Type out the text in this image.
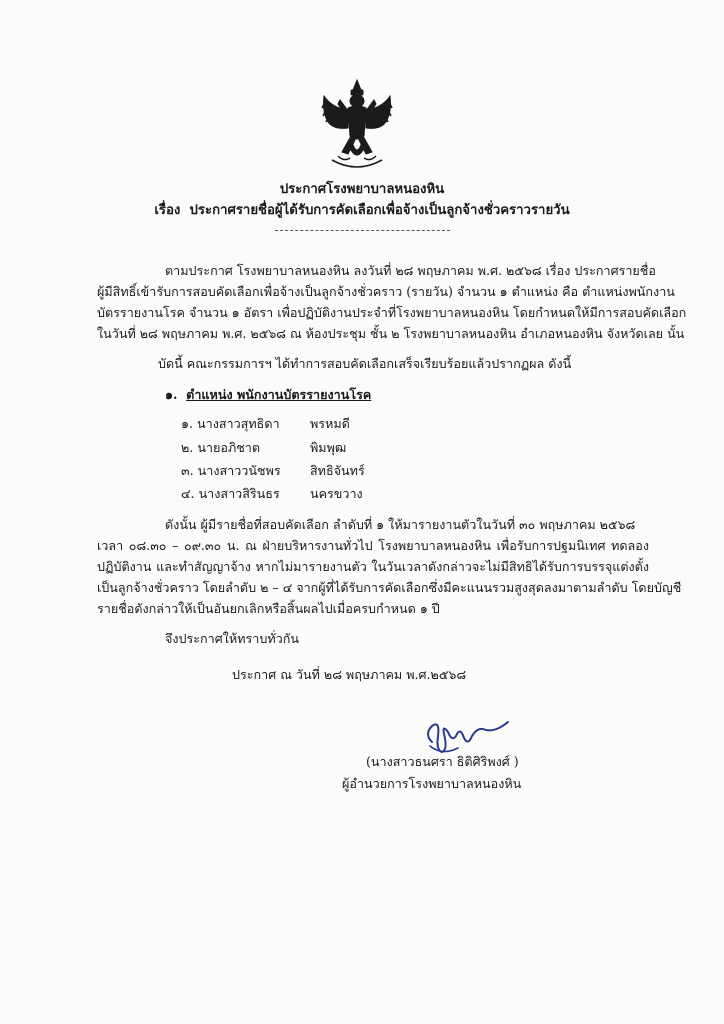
ประกาศโรงพยาบาลหนองหิน
เรื่อง ประกาศรายชื่อผู้ได้รับการคัดเลือกเพื่อจ้างเป็นลูกจ้างชั่วคราวรายวัน
ตามประกาศ โรงพยาบาลหนองหิน ลงวันที่ ๒๘ พฤษภาคม พ.ศ. ๒๕๖๘ เรื่อง ประกาศรายชื่อ
ผู้มีสิทธิ์เข้ารับการสอบคัดเลือกเพื่อจ้างเป็นลูกจ้างชั่วคราว (รายวัน) จำนวน ๑ ตำแหน่ง คือ ตำแหน่งพนักงาน
บัตรรายงานโรค จำนวน ๑ อัตรา เพื่อปฏิบัติงานประจำที่โรงพยาบาลหนองหิน โดยกำหนดให้มีการสอบคัดเลือก
ในวันที่ ๒๘ พฤษภาคม พ.ศ. ๒๕๖๘ ณ ห้องประชุม ชั้น ๒ โรงพยาบาลหนองหิน อำเภอหนองหิน จังหวัดเลย นั้น
บัดนี้ คณะกรรมการฯ ได้ทำการสอบคัดเลือกเสร็จเรียบร้อยแล้วปรากฏผล ดังนี้
๑. ตำแหน่ง พนักงานบัตรรายงานโรค
๑. นางสาวสุทธิดา พรหมดี
๒. นายอภิชาต	พิมพุฒ
๓. นางสาววนัชพร สิทธิจันทร์
๔. นางสาวสิรินธร นครขวาง
ดังนั้น ผู้มีรายชื่อที่สอบคัดเลือก ลำดับที่ ๑ ให้มารายงานตัวในวันที่ ๓๐ พฤษภาคม ๒๕๖๘
เวลา ๐๘.๓๐ – ๐๙.๓๐ น. ณ ฝ่ายบริหารงานทั่วไป โรงพยาบาลหนองหิน เพื่อรับการปฐมนิเทศ ทดลอง
ปฏิบัติงาน และทำสัญญาจ้าง หากไม่มารายงานตัว ในวันเวลาดังกล่าวจะไม่มีสิทธิได้รับการบรรจุแต่งตั้ง
เป็นลูกจ้างชั่วคราว โดยลำดับ ๒ – ๔ จากผู้ที่ได้รับการคัดเลือกซึ่งมีคะแนนรวมสูงสุดลงมาตามลำดับ โดยบัญชี
รายชื่อดังกล่าวให้เป็นอันยกเลิกหรือสิ้นผลไปเมื่อครบกำหนด ๑ ปี
จึงประกาศให้ทราบทั่วกัน
ประกาศ ณ วันที่ ๒๘ พฤษภาคม พ.ศ.๒๕๖๘
(นางสาวธนศรา ธิติศิริพงศ์ )
ผู้อำนวยการโรงพยาบาลหนองหิน
